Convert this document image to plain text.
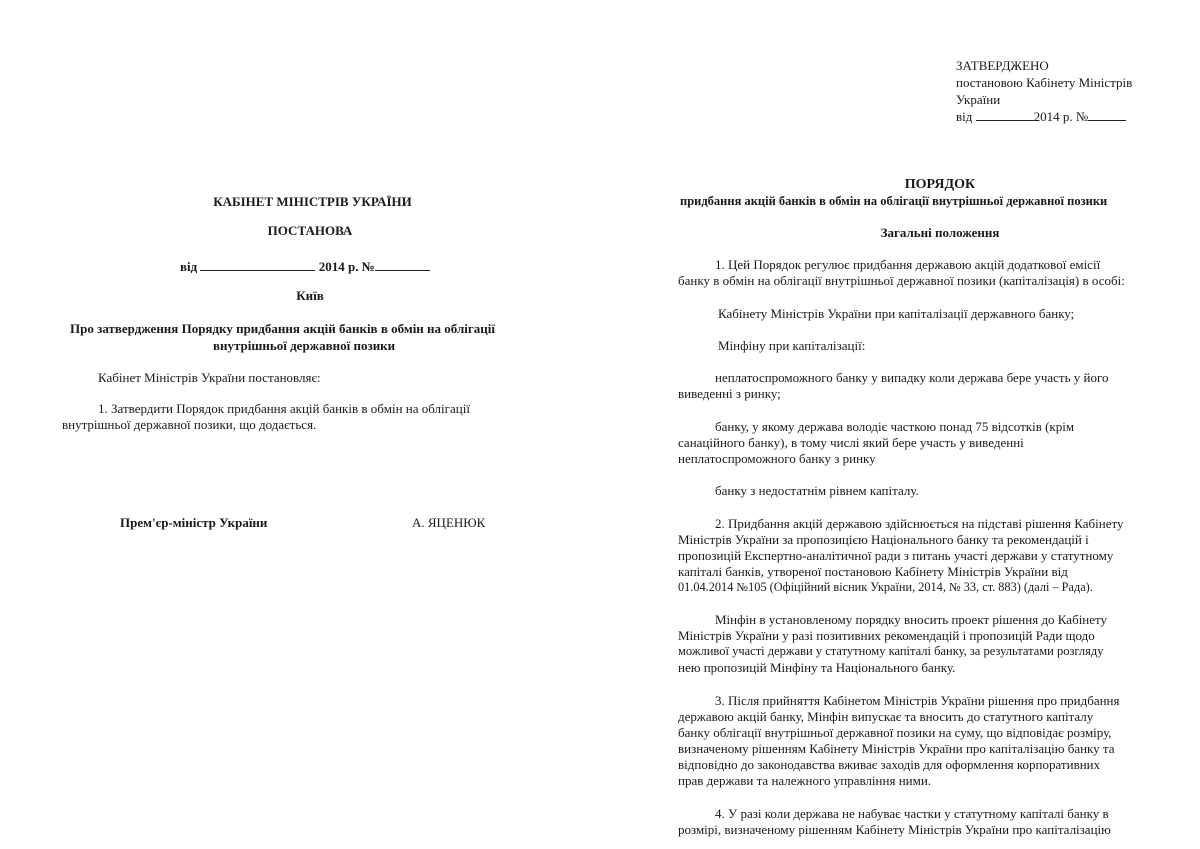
КАБІНЕТ МІНІСТРІВ УКРАЇНИ
ПОСТАНОВА
від	2014 р. №
Київ
Про затвердження Порядку придбання акцій банків в обмін на облігації
внутрішньої державної позики
Кабінет Міністрів України постановляє:
1. Затвердити Порядок придбання акцій банків в обмін на облігації
внутрішньої державної позики, що додається.
Прем'єр-міністр України	А. ЯЦЕНЮК
ЗАТВЕРДЖЕНО
постановою Кабінету Міністрів
України
від	2014 р. №
ПОРЯДОК
придбання акцій банків в обмін на облігації внутрішньої державної позики
Загальні положення
1. Цей Порядок регулює придбання державою акцій додаткової емісії
банку в обмін на облігації внутрішньої державної позики (капіталізація) в особі:
Кабінету Міністрів України при капіталізації державного банку;
Мінфіну при капіталізації:
неплатоспроможного банку у випадку коли держава бере участь у його
виведенні з ринку;
банку, у якому держава володіє часткою понад 75 відсотків (крім
санаційного банку), в тому числі який бере участь у виведенні
неплатоспроможного банку з ринку
банку з недостатнім рівнем капіталу.
2. Придбання акцій державою здійснюється на підставі рішення Кабінету
Міністрів України за пропозицією Національного банку та рекомендацій і
пропозицій Експертно-аналітичної ради з питань участі держави у статутному
капіталі банків, утвореної постановою Кабінету Міністрів України від
01.04.2014 №105 (Офіційний вісник України, 2014, № 33, ст. 883) (далі – Рада).
Мінфін в установленому порядку вносить проект рішення до Кабінету
Міністрів України у разі позитивних рекомендацій і пропозицій Ради щодо
можливої участі держави у статутному капіталі банку, за результатами розгляду
нею пропозицій Мінфіну та Національного банку.
3. Після прийняття Кабінетом Міністрів України рішення про придбання
державою акцій банку, Мінфін випускає та вносить до статутного капіталу
банку облігації внутрішньої державної позики на суму, що відповідає розміру,
визначеному рішенням Кабінету Міністрів України про капіталізацію банку та
відповідно до законодавства вживає заходів для оформлення корпоративних
прав держави та належного управління ними.
4. У разі коли держава не набуває частки у статутному капіталі банку в
розмірі, визначеному рішенням Кабінету Міністрів України про капіталізацію
